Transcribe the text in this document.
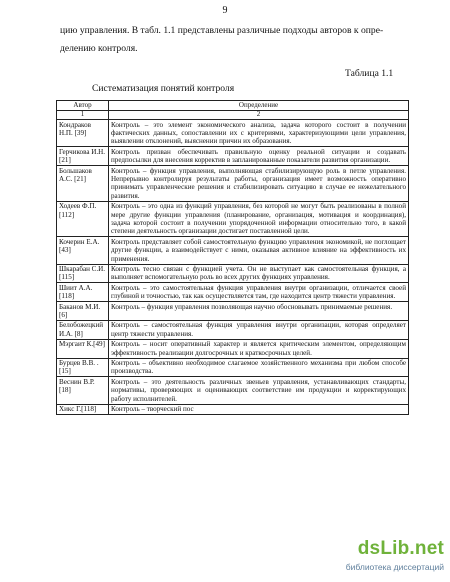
9
цию управления. В табл. 1.1 представлены различные подходы авторов к опре-
делению контроля.
Таблица 1.1
Систематизация понятий контроля
Автор	Определение
1	2
Кондраков Н.П. [39]	Контроль – это элемент экономического анализа, задача которого состоит в получении фактических данных, сопоставлении их с критериями, характеризующими цели управления, выявлении отклонений, выяснении причин их образования.
Герчикова И.Н.[21]	Контроль призван обеспечивать правильную оценку реальной ситуации и создавать предпосылки для внесения корректив в запланированные показатели развития организации.
Большаков А.С. [21]	Контроль – функция управления, выполняющая стабилизирующую роль в петле управления. Непрерывно контролируя результаты работы, организация имеет возможность оперативно принимать управленческие решения и стабилизировать ситуацию в случае ее нежелательного развития.
Ходеев Ф.П. [112]	Контроль – это одна из функций управления, без которой не могут быть реализованы в полной мере другие функции управления (планирование, организация, мотивация и координация), задача которой состоит в получении упорядоченной информации относительно того, в какой степени деятельность организации достигает поставленной цели.
Кочерин Е.А. [43]	Контроль представляет собой самостоятельную функцию управления экономикой, не поглощает другие функции, а взаимодействует с ними, оказывая активное влияние на эффективность их применения.
Шкарабан С.И. [115]	Контроль тесно связан с функцией учета. Он не выступает как самостоятельная функция, а выполняет вспомогательную роль во всех других функциях управления.
Шиит А.А. [118]	Контроль – это самостоятельная функция управления внутри организации, отличается своей глубиной и точностью, так как осуществляется там, где находится центр тяжести управления.
Баканов М.И.[6]	Контроль – функция управления позволяющая научно обосновывать принимаемые решения.
Белобожецкий И.А. [8]	Контроль – самостоятельная функция управления внутри организации, которая определяет центр тяжести управления.
Мэргаит К.[49]	Контроль – носит оперативный характер и является критическим элементом, определяющим эффективность реализации долгосрочных и краткосрочных целей.
Бурцев В.В. .[15]	Контроль – объективно необходимое слагаемое хозяйственного механизма при любом способе производства.
Веснин В.Р.[18]	Контроль – это деятельность различных звеньев управления, устанавливающих стандарты, нормативы, проверяющих и оценивающих соответствие им продукции и корректирующих работу исполнителей.
Хикс Г.[118]	Контроль – творческий пос
dsLib.net
библиотека диссертаций
